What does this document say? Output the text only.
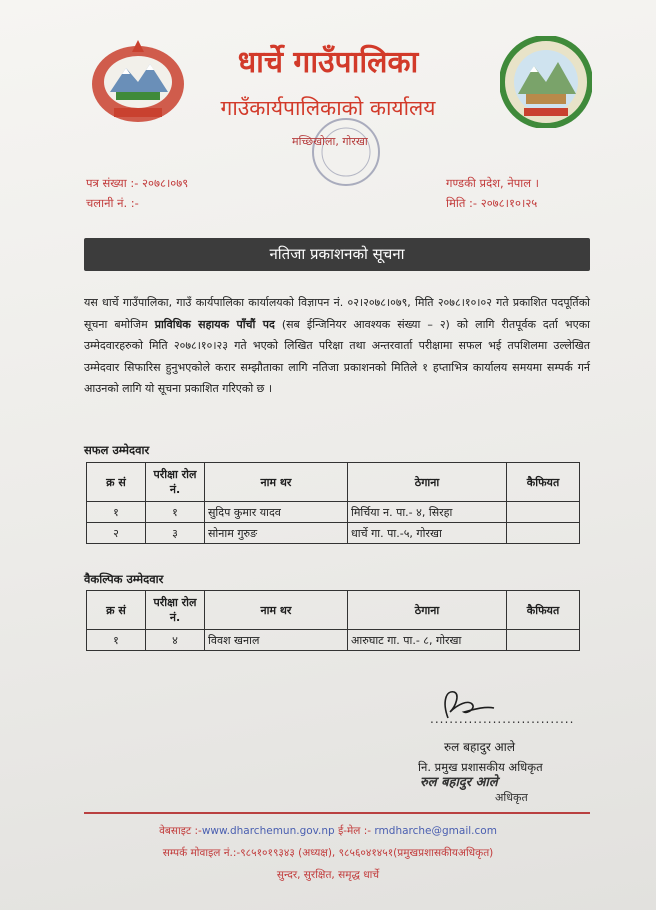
धार्चे गाउँपालिका
गाउँकार्यपालिकाको कार्यालय
मच्छिखोला, गोरखा
पत्र संख्या :- २०७८।०७९
चलानी नं. :-
गण्डकी प्रदेश, नेपाल ।
मिति :- २०७८।१०।२५
नतिजा प्रकाशनको सूचना
यस धार्चे गाउँपालिका, गाउँ कार्यपालिका कार्यालयको विज्ञापन नं. ०२।२०७८।०७९, मिति २०७८।१०।०२ गते प्रकाशित पदपूर्तिको सूचना बमोजिम प्राविधिक सहायक पाँचौं पद (सब ईन्जिनियर आवश्यक संख्या – २) को लागि रीतपूर्वक दर्ता भएका उम्मेदवारहरुको मिति २०७८।१०।२३ गते भएको लिखित परिक्षा तथा अन्तरवार्ता परीक्षामा सफल भई तपशिलमा उल्लेखित उम्मेदवार सिफारिस हुनुभएकोले करार सम्झौताका लागि नतिजा प्रकाशनको मितिले १ हप्ताभित्र कार्यालय समयमा सम्पर्क गर्न आउनको लागि यो सूचना प्रकाशित गरिएको छ ।
सफल उम्मेदवार
क्र सं	परीक्षा रोल नं.	नाम थर	ठेगाना	कैफियत
१	१	सुदिप कुमार यादव	मिर्चिया न. पा.- ४, सिरहा	
२	३	सोनाम गुरुङ	धार्चे गा. पा.-५, गोरखा	
वैकल्पिक उम्मेदवार
क्र सं	परीक्षा रोल नं.	नाम थर	ठेगाना	कैफियत
१	४	विवश खनाल	आरुघाट गा. पा.- ८, गोरखा	
..............................
रुल बहादुर आले
नि. प्रमुख प्रशासकीय अधिकृत
रुल बहादुर आले
अधिकृत
वेबसाइट :-www.dharchemun.gov.np ई-मेल :- rmdharche@gmail.com
सम्पर्क मोवाइल नं.:-९८५१०१९३४३ (अध्यक्ष), ९८५६०४१४५१(प्रमुखप्रशासकीयअधिकृत)
सुन्दर, सुरक्षित, समृद्ध धार्चे
